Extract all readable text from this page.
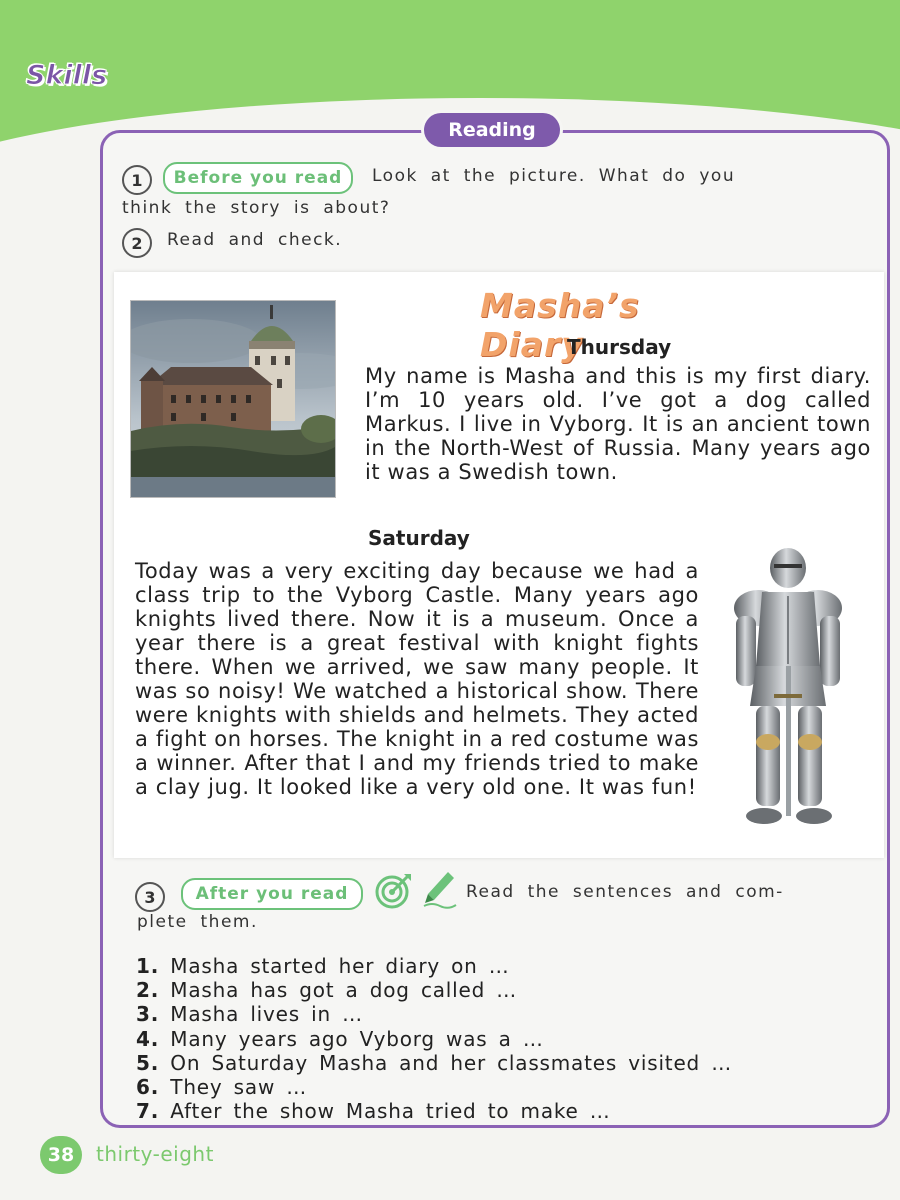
Skills
Reading
1	Before you read	Look at the picture. What do you
think the story is about?
2	Read and check.
Masha’s Diary
Thursday

My name is Masha and this is my first diary. I’m 10 years old. I’ve got a dog called Markus. I live in Vyborg. It is an ancient town in the North-West of Russia. Many years ago it was a Swedish town.

Saturday

Today was a very exciting day because we had a class trip to the Vyborg Castle. Many years ago knights lived there. Now it is a museum. Once a year there is a great festival with knight fights there. When we arrived, we saw many people. It was so noisy! We watched a historical show. There were knights with shields and helmets. They acted a fight on horses. The knight in a red costume was a winner. After that I and my friends tried to make a clay jug. It looked like a very old one. It was fun!

3	After you read	Read the sentences and com-
plete them.
1. Masha started her diary on …
2. Masha has got a dog called …
3. Masha lives in …
4. Many years ago Vyborg was a …
5. On Saturday Masha and her classmates visited …
6. They saw …
7. After the show Masha tried to make …
38	thirty-eight
